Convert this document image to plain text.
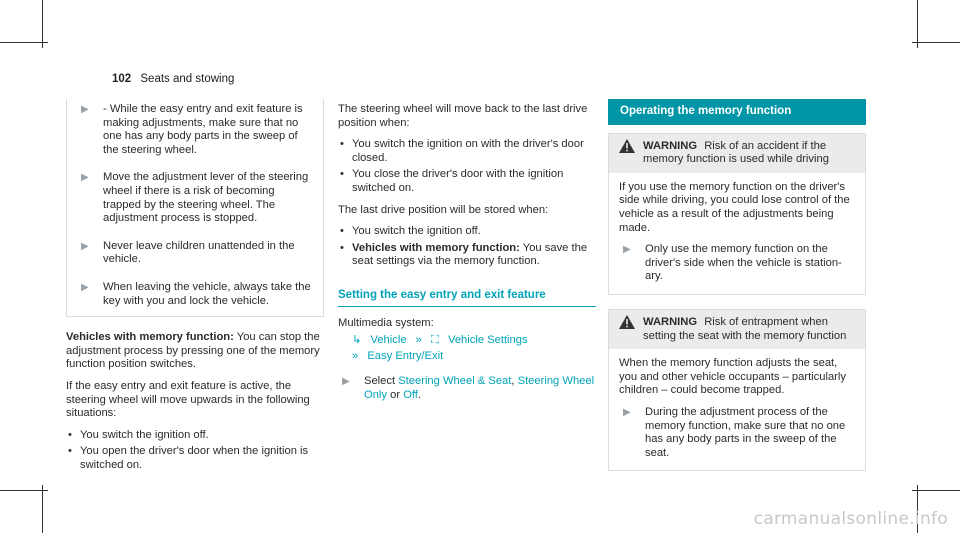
102 Seats and stowing
▶ - While the easy entry and exit feature is making adjustments, make sure that no one has any body parts in the sweep of the steering wheel.
▶ Move the adjustment lever of the steering wheel if there is a risk of becoming trapped by the steering wheel. The adjustment process is stopped.
▶ Never leave children unattended in the vehicle.
▶ When leaving the vehicle, always take the key with you and lock the vehicle.

Vehicles with memory function: You can stop the adjustment process by pressing one of the memory function position switches.

If the easy entry and exit feature is active, the steering wheel will move upwards in the following situations:

• You switch the ignition off.
• You open the driver's door when the ignition is switched on.

The steering wheel will move back to the last drive position when:

• You switch the ignition on with the driver's door closed.
• You close the driver's door with the ignition switched on.

The last drive position will be stored when:

• You switch the ignition off.
• Vehicles with memory function: You save the seat settings via the memory function.
Setting the easy entry and exit feature

Multimedia system:

↳ Vehicle » ⛶ Vehicle Settings
» Easy Entry/Exit
▶ Select Steering Wheel & Seat, Steering Wheel Only or Off.
Operating the memory function
WARNING Risk of an accident if the memory function is used while driving

If you use the memory function on the driver's side while driving, you could lose control of the vehicle as a result of the adjustments being made.

▶ Only use the memory function on the driver's side when the vehicle is station-ary.
WARNING Risk of entrapment when setting the seat with the memory function

When the memory function adjusts the seat, you and other vehicle occupants – particularly children – could become trapped.

▶ During the adjustment process of the memory function, make sure that no one has any body parts in the sweep of the seat.
carmanualsonline.info
